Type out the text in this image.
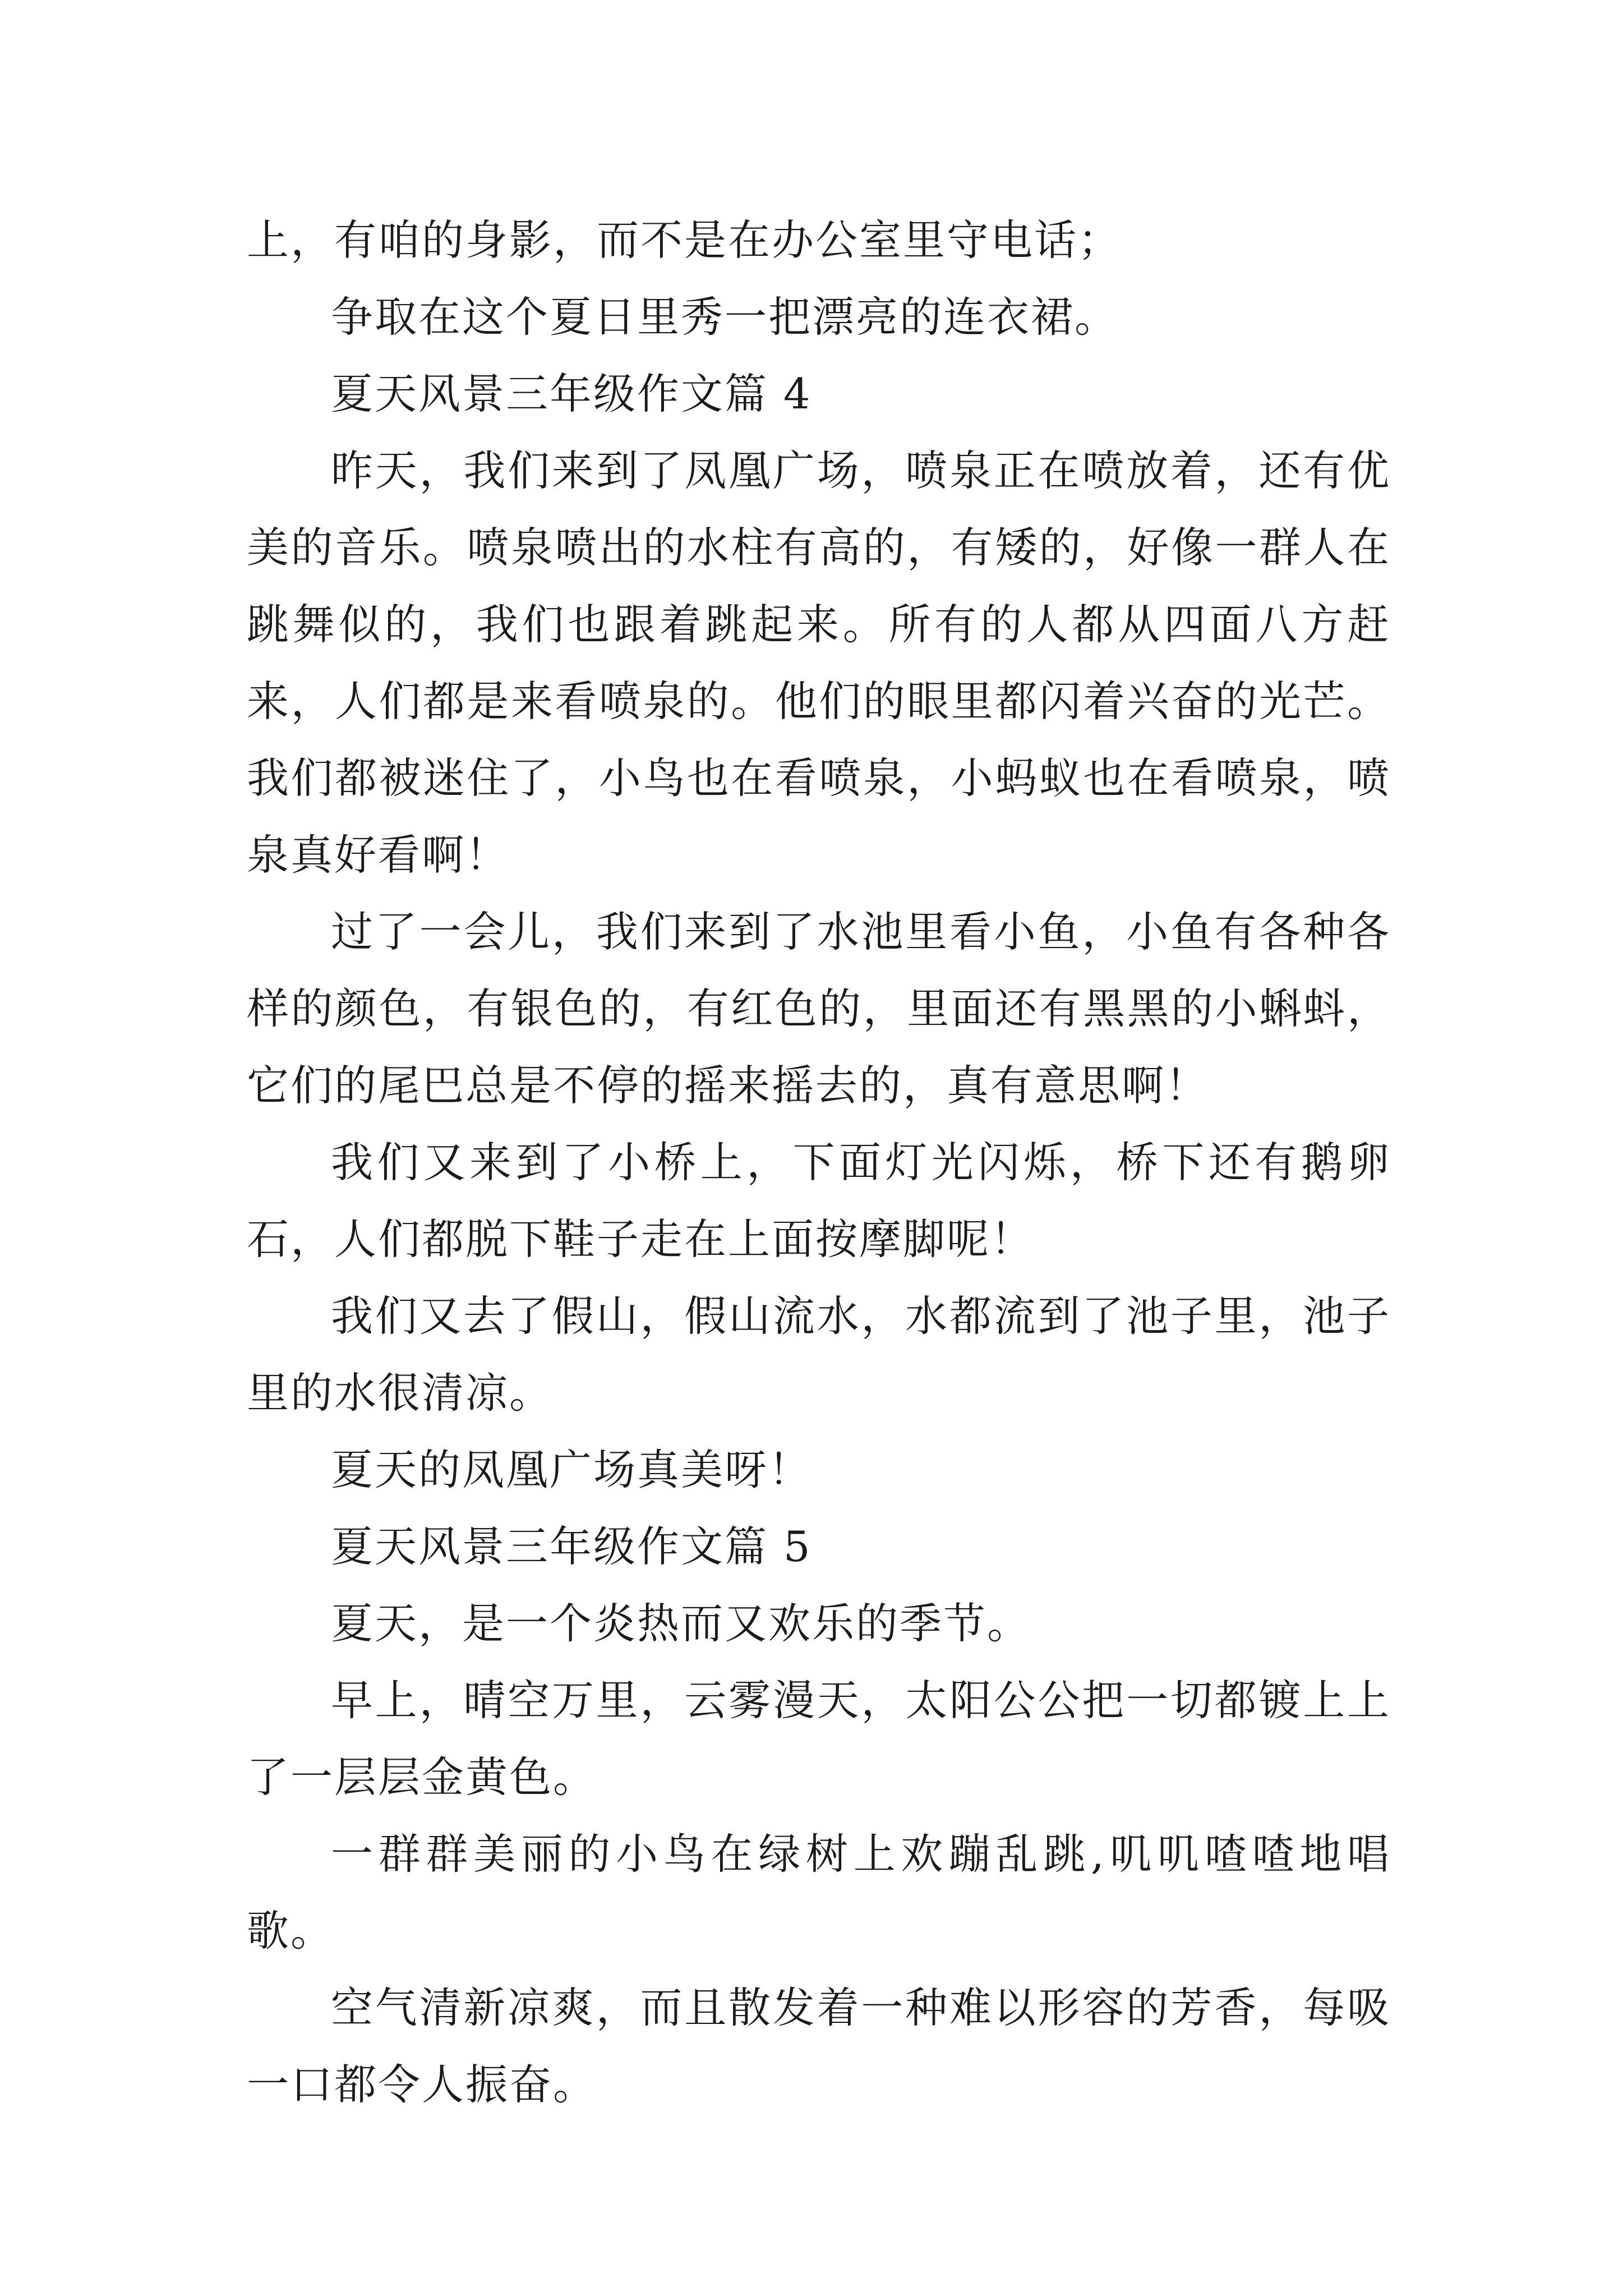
上，有咱的身影，而不是在办公室里守电话；

争取在这个夏日里秀一把漂亮的连衣裙。

夏天风景三年级作文篇 4

昨天，我们来到了凤凰广场，喷泉正在喷放着，还有优美的音乐。喷泉喷出的水柱有高的，有矮的，好像一群人在跳舞似的，我们也跟着跳起来。所有的人都从四面八方赶来，人们都是来看喷泉的。他们的眼里都闪着兴奋的光芒。我们都被迷住了，小鸟也在看喷泉，小蚂蚁也在看喷泉，喷泉真好看啊！

过了一会儿，我们来到了水池里看小鱼，小鱼有各种各样的颜色，有银色的，有红色的，里面还有黑黑的小蝌蚪，它们的尾巴总是不停的摇来摇去的，真有意思啊！

我们又来到了小桥上，下面灯光闪烁，桥下还有鹅卵石，人们都脱下鞋子走在上面按摩脚呢！

我们又去了假山，假山流水，水都流到了池子里，池子里的水很清凉。

夏天的凤凰广场真美呀！

夏天风景三年级作文篇 5

夏天，是一个炎热而又欢乐的季节。

早上，晴空万里，云雾漫天，太阳公公把一切都镀上上了一层层金黄色。

一群群美丽的小鸟在绿树上欢蹦乱跳,叽叽喳喳地唱歌。

空气清新凉爽，而且散发着一种难以形容的芳香，每吸一口都令人振奋。
